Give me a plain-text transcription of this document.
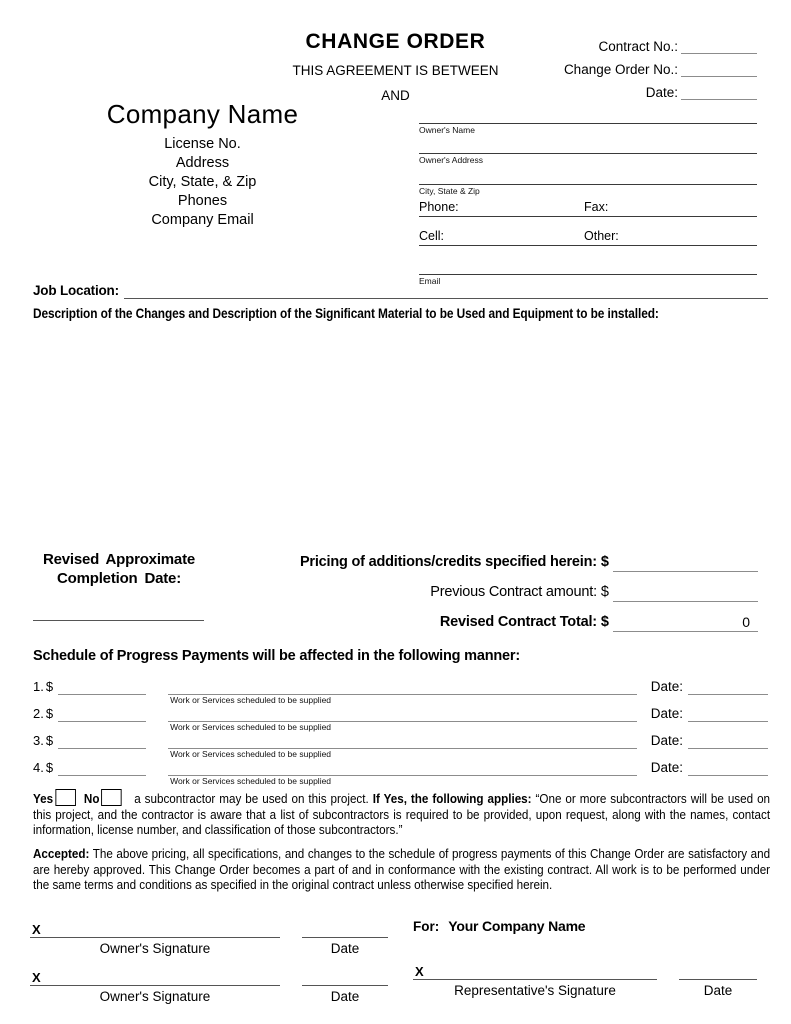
CHANGE ORDER
THIS AGREEMENT IS BETWEEN
AND
Contract No.:
Change Order No.:
Date:
Company Name
License No.
Address
City, State, & Zip
Phones
Company Email
Owner's Name
Owner's Address
City, State & Zip
Phone:	Fax:
Cell:	Other:
Email
Job Location:
Description of the Changes and Description of the Significant Material to be Used and Equipment to be installed:
Revised Approximate
Completion Date:
Pricing of additions/credits specified herein: $
Previous Contract amount: $
Revised Contract Total: $	0
Schedule of Progress Payments will be affected in the following manner:
1. $
Work or Services scheduled to be supplied
Date:
2. $
Work or Services scheduled to be supplied
Date:
3. $
Work or Services scheduled to be supplied
Date:
4. $
Work or Services scheduled to be supplied
Date:
Yes No	a subcontractor may be used on this project. If Yes, the following applies: “One or more subcontractors will be used on this project, and the contractor is aware that a list of subcontractors is required to be provided, upon request, along with the names, contact information, license number, and classification of those subcontractors.”
Accepted: The above pricing, all specifications, and changes to the schedule of progress payments of this Change Order are satisfactory and are hereby approved. This Change Order becomes a part of and in conformance with the existing contract. All work is to be performed under the same terms and conditions as specified in the original contract unless otherwise specified herein.
X
Owner's Signature	Date
X
Owner's Signature	Date
For: Your Company Name
X
Representative's Signature	Date
